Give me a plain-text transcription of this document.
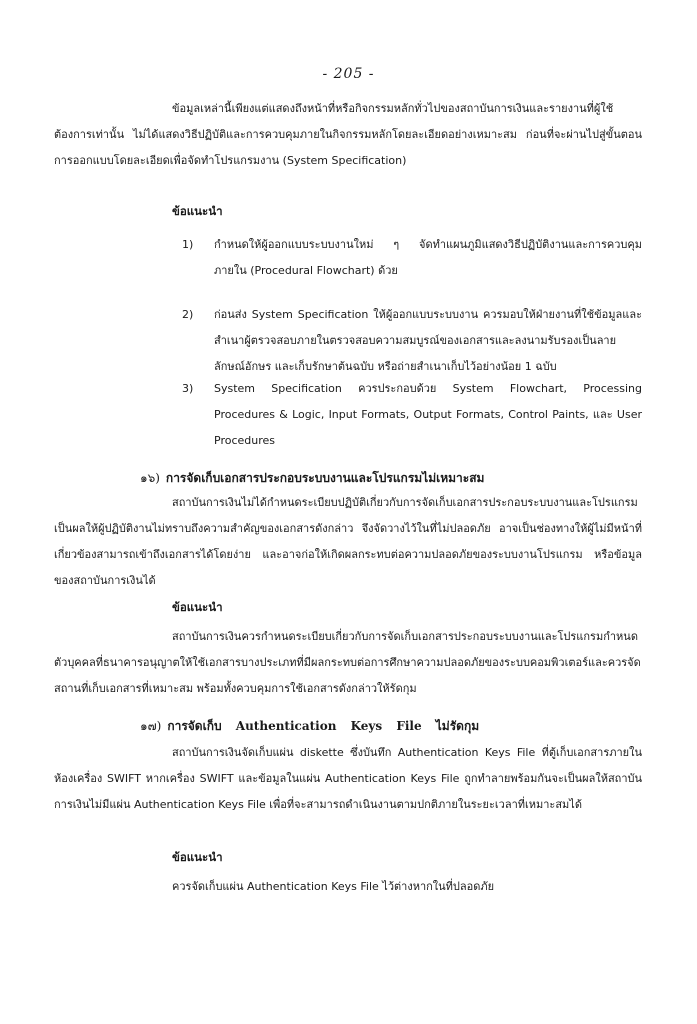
- 205 -

ข้อมูลเหล่านี้เพียงแต่แสดงถึงหน้าที่หรือกิจกรรมหลักทั่วไปของสถาบันการเงินและรายงานที่ผู้ใช้ต้องการเท่านั้น ไม่ได้แสดงวิธีปฏิบัติและการควบคุมภายในกิจกรรมหลักโดยละเอียดอย่างเหมาะสม ก่อนที่จะผ่านไปสู่ขั้นตอนการออกแบบโดยละเอียดเพื่อจัดทำโปรแกรมงาน (System Specification)

ข้อแนะนำ

1)	กำหนดให้ผู้ออกแบบระบบงานใหม่ ๆ จัดทำแผนภูมิแสดงวิธีปฏิบัติงานและการควบคุมภายใน (Procedural Flowchart) ด้วย
2)	ก่อนส่ง System Specification ให้ผู้ออกแบบระบบงาน ควรมอบให้ฝ่ายงานที่ใช้ข้อมูลและสำเนาผู้ตรวจสอบภายในตรวจสอบความสมบูรณ์ของเอกสารและลงนามรับรองเป็นลายลักษณ์อักษร และเก็บรักษาต้นฉบับ หรือถ่ายสำเนาเก็บไว้อย่างน้อย 1 ฉบับ
3)	System Specification ควรประกอบด้วย System Flowchart, Processing Procedures & Logic, Input Formats, Output Formats, Control Paints, และ User Procedures
๑๖) การจัดเก็บเอกสารประกอบระบบงานและโปรแกรมไม่เหมาะสม

สถาบันการเงินไม่ได้กำหนดระเบียบปฏิบัติเกี่ยวกับการจัดเก็บเอกสารประกอบระบบงานและโปรแกรมเป็นผลให้ผู้ปฏิบัติงานไม่ทราบถึงความสำคัญของเอกสารดังกล่าว จึงจัดวางไว้ในที่ไม่ปลอดภัย อาจเป็นช่องทางให้ผู้ไม่มีหน้าที่เกี่ยวข้องสามารถเข้าถึงเอกสารได้โดยง่าย และอาจก่อให้เกิดผลกระทบต่อความปลอดภัยของระบบงานโปรแกรม หรือข้อมูลของสถาบันการเงินได้

ข้อแนะนำ

สถาบันการเงินควรกำหนดระเบียบเกี่ยวกับการจัดเก็บเอกสารประกอบระบบงานและโปรแกรมกำหนดตัวบุคคลที่ธนาคารอนุญาตให้ใช้เอกสารบางประเภทที่มีผลกระทบต่อการศึกษาความปลอดภัยของระบบคอมพิวเตอร์และควรจัดสถานที่เก็บเอกสารที่เหมาะสม พร้อมทั้งควบคุมการใช้เอกสารดังกล่าวให้รัดกุม

๑๗) การจัดเก็บ Authentication Keys File ไม่รัดกุม

สถาบันการเงินจัดเก็บแผ่น diskette ซึ่งบันทึก Authentication Keys File ที่ตู้เก็บเอกสารภายในห้องเครื่อง SWIFT หากเครื่อง SWIFT และข้อมูลในแผ่น Authentication Keys File ถูกทำลายพร้อมกันจะเป็นผลให้สถาบันการเงินไม่มีแผ่น Authentication Keys File เพื่อที่จะสามารถดำเนินงานตามปกติภายในระยะเวลาที่เหมาะสมได้

ข้อแนะนำ

ควรจัดเก็บแผ่น Authentication Keys File ไว้ต่างหากในที่ปลอดภัย
